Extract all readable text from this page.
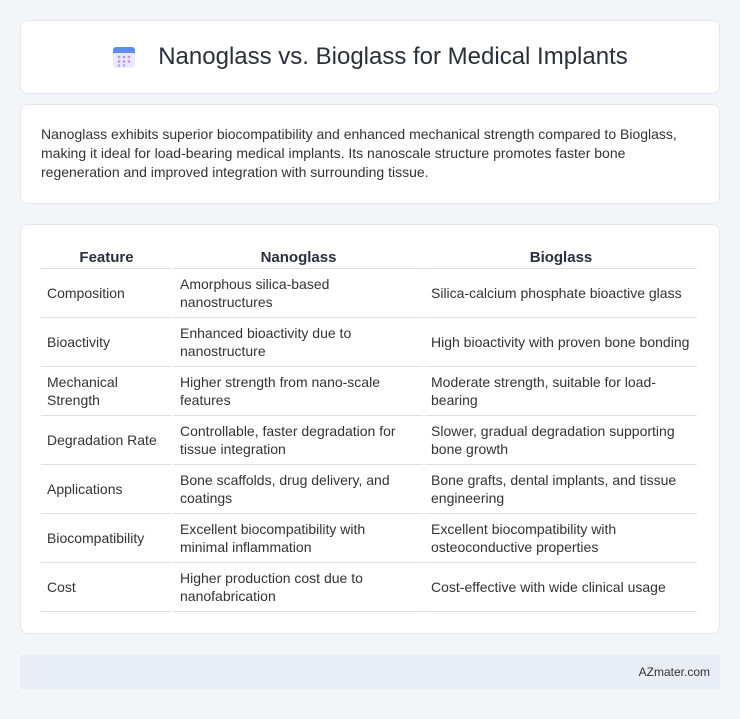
Nanoglass vs. Bioglass for Medical Implants

Nanoglass exhibits superior biocompatibility and enhanced mechanical strength compared to Bioglass, making it ideal for load-bearing medical implants. Its nanoscale structure promotes faster bone regeneration and improved integration with surrounding tissue.

Feature	Nanoglass	Bioglass
Composition	Amorphous silica-based nanostructures	Silica-calcium phosphate bioactive glass
Bioactivity	Enhanced bioactivity due to nanostructure	High bioactivity with proven bone bonding
Mechanical Strength	Higher strength from nano-scale features	Moderate strength, suitable for load-bearing
Degradation Rate	Controllable, faster degradation for tissue integration	Slower, gradual degradation supporting bone growth
Applications	Bone scaffolds, drug delivery, and coatings	Bone grafts, dental implants, and tissue engineering
Biocompatibility	Excellent biocompatibility with minimal inflammation	Excellent biocompatibility with osteoconductive properties
Cost	Higher production cost due to nanofabrication	Cost-effective with wide clinical usage
AZmater.com
